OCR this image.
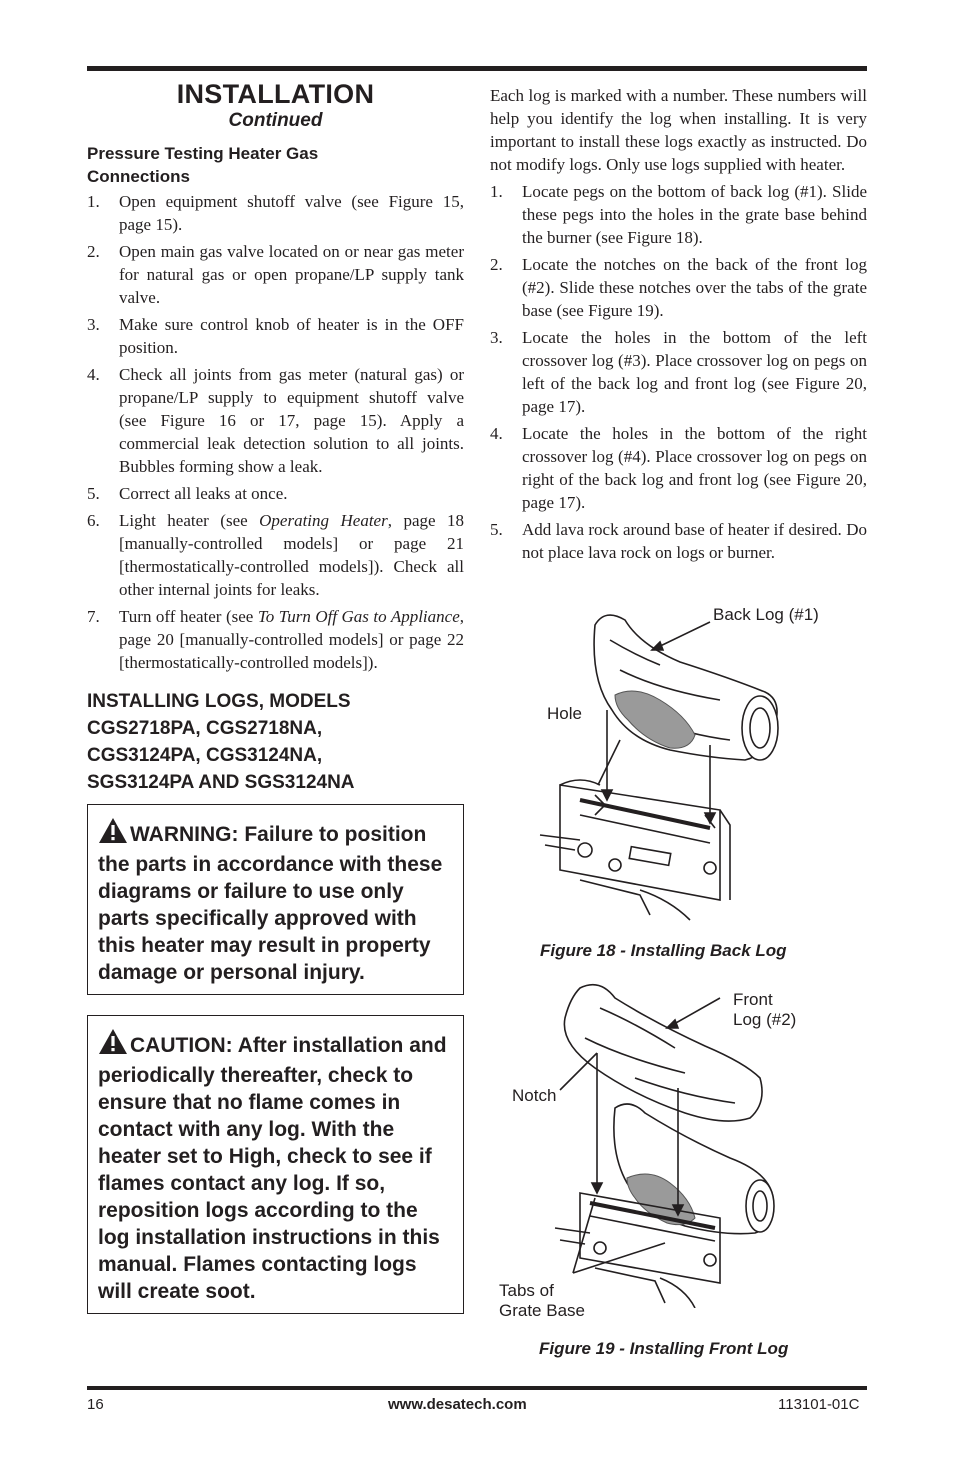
INSTALLATION
Continued
Pressure Testing Heater Gas
Connections
1.	Open equipment shutoff valve (see Figure 15, page 15).
2.	Open main gas valve located on or near gas meter for natural gas or open propane/LP supply tank valve.
3.	Make sure control knob of heater is in the OFF position.
4.	Check all joints from gas meter (natural gas) or propane/LP supply to equipment shutoff valve (see Figure 16 or 17, page 15). Apply a commercial leak detection solution to all joints. Bubbles forming show a leak.
5.	Correct all leaks at once.
6.	Light heater (see Operating Heater, page 18 [manually-controlled models] or page 21 [thermostatically-controlled models]). Check all other internal joints for leaks.
7.	Turn off heater (see To Turn Off Gas to Appliance, page 20 [manually-controlled models] or page 22 [thermostatically-controlled models]).
INSTALLING LOGS, MODELS
CGS2718PA, CGS2718NA,
CGS3124PA, CGS3124NA,
SGS3124PA AND SGS3124NA
WARNING: Failure to position the parts in accordance with these diagrams or failure to use only parts specifically approved with this heater may result in property damage or personal injury.
CAUTION: After installation and periodically thereafter, check to ensure that no flame comes in contact with any log. With the heater set to High, check to see if flames contact any log. If so, reposition logs according to the log installation instructions in this manual. Flames contacting logs will create soot.

Each log is marked with a number. These numbers will help you identify the log when installing. It is very important to install these logs exactly as instructed. Do not modify logs. Only use logs supplied with heater.

1.	Locate pegs on the bottom of back log (#1). Slide these pegs into the holes in the grate base behind the burner (see Figure 18).
2.	Locate the notches on the back of the front log (#2). Slide these notches over the tabs of the grate base (see Figure 19).
3.	Locate the holes in the bottom of the left crossover log (#3). Place crossover log on pegs on left of the back log and front log (see Figure 20, page 17).
4.	Locate the holes in the bottom of the right crossover log (#4). Place crossover log on pegs on right of the back log and front log (see Figure 20, page 17).
5.	Add lava rock around base of heater if desired. Do not place lava rock on logs or burner.
Back Log (#1)
Hole
Figure 18 - Installing Back Log
Front
Log (#2)
Notch
Tabs of
Grate Base
Figure 19 - Installing Front Log
16	www.desatech.com	113101-01C
